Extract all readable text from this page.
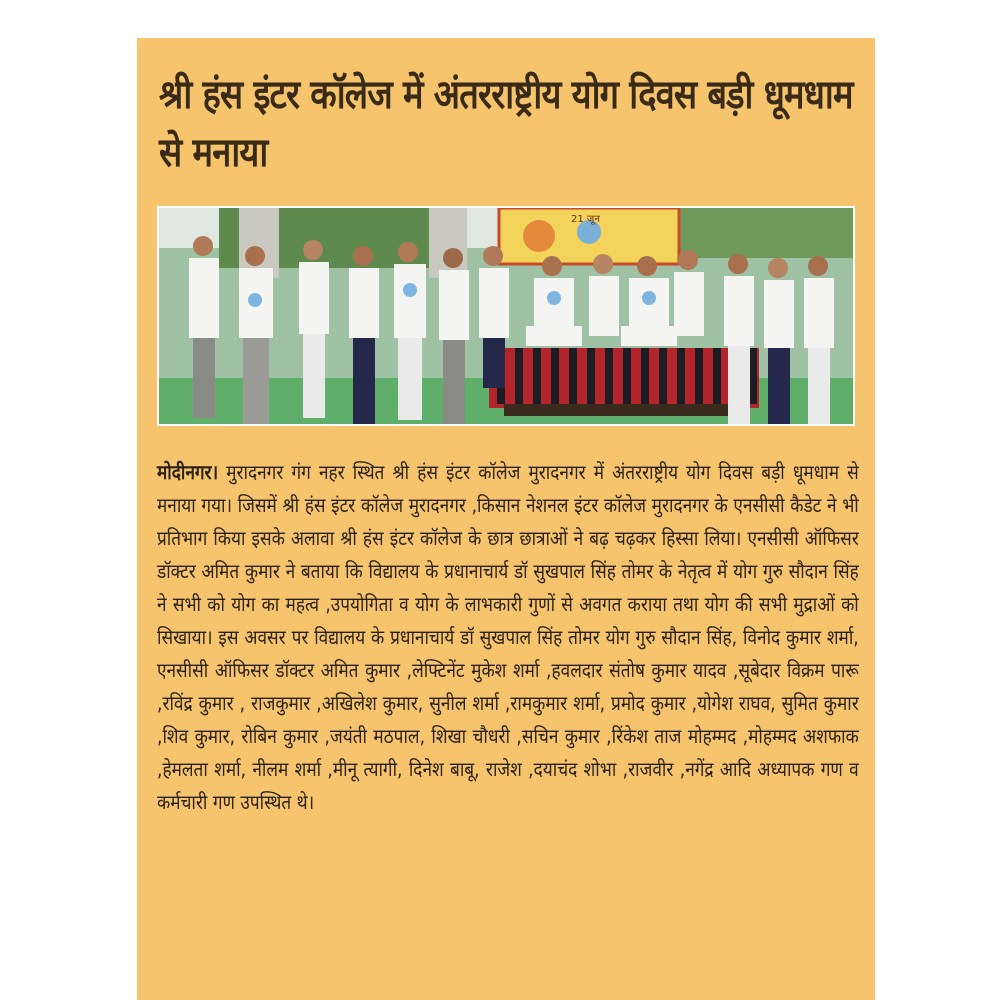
श्री हंस इंटर कॉलेज में अंतरराष्ट्रीय योग दिवस बड़ी धूमधाम से मनाया
21 जून

मोदीनगर। मुरादनगर गंग नहर स्थित श्री हंस इंटर कॉलेज मुरादनगर में अंतरराष्ट्रीय योग दिवस बड़ी धूमधाम से मनाया गया। जिसमें श्री हंस इंटर कॉलेज मुरादनगर ,किसान नेशनल इंटर कॉलेज मुरादनगर के एनसीसी कैडेट ने भी प्रतिभाग किया इसके अलावा श्री हंस इंटर कॉलेज के छात्र छात्राओं ने बढ़ चढ़कर हिस्सा लिया। एनसीसी ऑफिसर डॉक्टर अमित कुमार ने बताया कि विद्यालय के प्रधानाचार्य डॉ सुखपाल सिंह तोमर के नेतृत्व में योग गुरु सौदान सिंह ने सभी को योग का महत्व ,उपयोगिता व योग के लाभकारी गुणों से अवगत कराया तथा योग की सभी मुद्राओं को सिखाया। इस अवसर पर विद्यालय के प्रधानाचार्य डॉ सुखपाल सिंह तोमर योग गुरु सौदान सिंह, विनोद कुमार शर्मा, एनसीसी ऑफिसर डॉक्टर अमित कुमार ,लेफ्टिनेंट मुकेश शर्मा ,हवलदार संतोष कुमार यादव ,सूबेदार विक्रम पारू ,रविंद्र कुमार , राजकुमार ,अखिलेश कुमार, सुनील शर्मा ,रामकुमार शर्मा, प्रमोद कुमार ,योगेश राघव, सुमित कुमार ,शिव कुमार, रोबिन कुमार ,जयंती मठपाल, शिखा चौधरी ,सचिन कुमार ,रिंकेश ताज मोहम्मद ,मोहम्मद अशफाक ,हेमलता शर्मा, नीलम शर्मा ,मीनू त्यागी, दिनेश बाबू, राजेश ,दयाचंद शोभा ,राजवीर ,नगेंद्र आदि अध्यापक गण व कर्मचारी गण उपस्थित थे।
